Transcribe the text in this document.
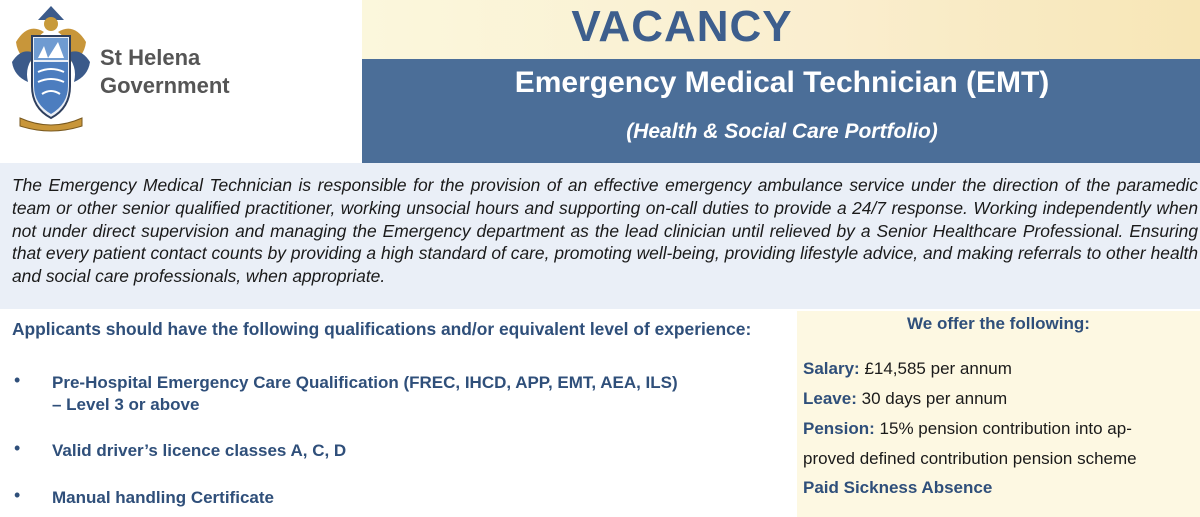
St Helena
Government
VACANCY
Emergency Medical Technician (EMT)
(Health & Social Care Portfolio)
The Emergency Medical Technician is responsible for the provision of an effective emergency ambulance service under the direction of the paramedic team or other senior qualified practitioner, working unsocial hours and supporting on-call duties to provide a 24/7 response. Working independently when not under direct supervision and managing the Emergency department as the lead clinician until relieved by a Senior Healthcare Professional. Ensuring that every patient contact counts by providing a high standard of care, promoting well-being, providing lifestyle advice, and making referrals to other health and social care professionals, when appropriate.
Applicants should have the following qualifications and/or equivalent level of experience:
• Pre-Hospital Emergency Care Qualification (FREC, IHCD, APP, EMT, AEA, ILS)
– Level 3 or above
• Valid driver’s licence classes A, C, D
• Manual handling Certificate
We offer the following:
Salary: £14,585 per annum
Leave: 30 days per annum
Pension: 15% pension contribution into ap-
proved defined contribution pension scheme
Paid Sickness Absence
